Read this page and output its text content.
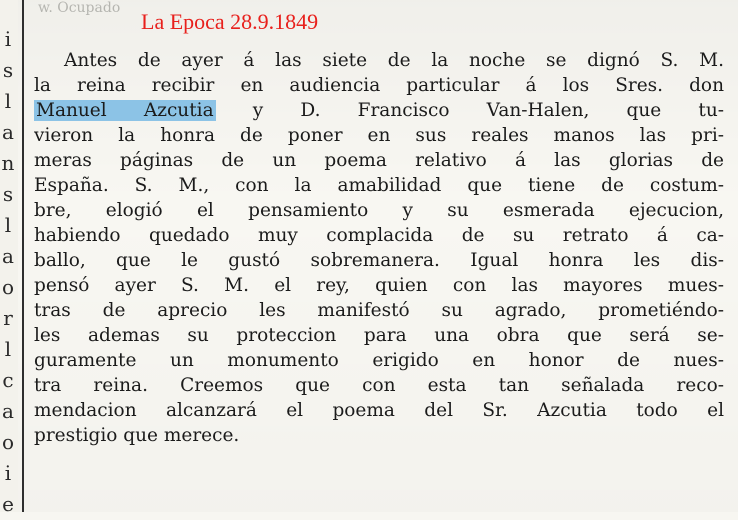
i
s
l
a
n
s
l
a
o
r
l
c
a
o
i
e
w. Ocupado
La Epoca 28.9.1849
Antes de ayer á las siete de la noche se dignó S. M.
la reina recibir en audiencia particular á los Sres. don
Manuel Azcutia y D. Francisco Van-Halen, que tu-
vieron la honra de poner en sus reales manos las pri-
meras páginas de un poema relativo á las glorias de
España. S. M., con la amabilidad que tiene de costum-
bre, elogió el pensamiento y su esmerada ejecucion,
habiendo quedado muy complacida de su retrato á ca-
ballo, que le gustó sobremanera. Igual honra les dis-
pensó ayer S. M. el rey, quien con las mayores mues-
tras de aprecio les manifestó su agrado, prometiéndo-
les ademas su proteccion para una obra que será se-
guramente un monumento erigido en honor de nues-
tra reina. Creemos que con esta tan señalada reco-
mendacion alcanzará el poema del Sr. Azcutia todo el
prestigio que merece.
